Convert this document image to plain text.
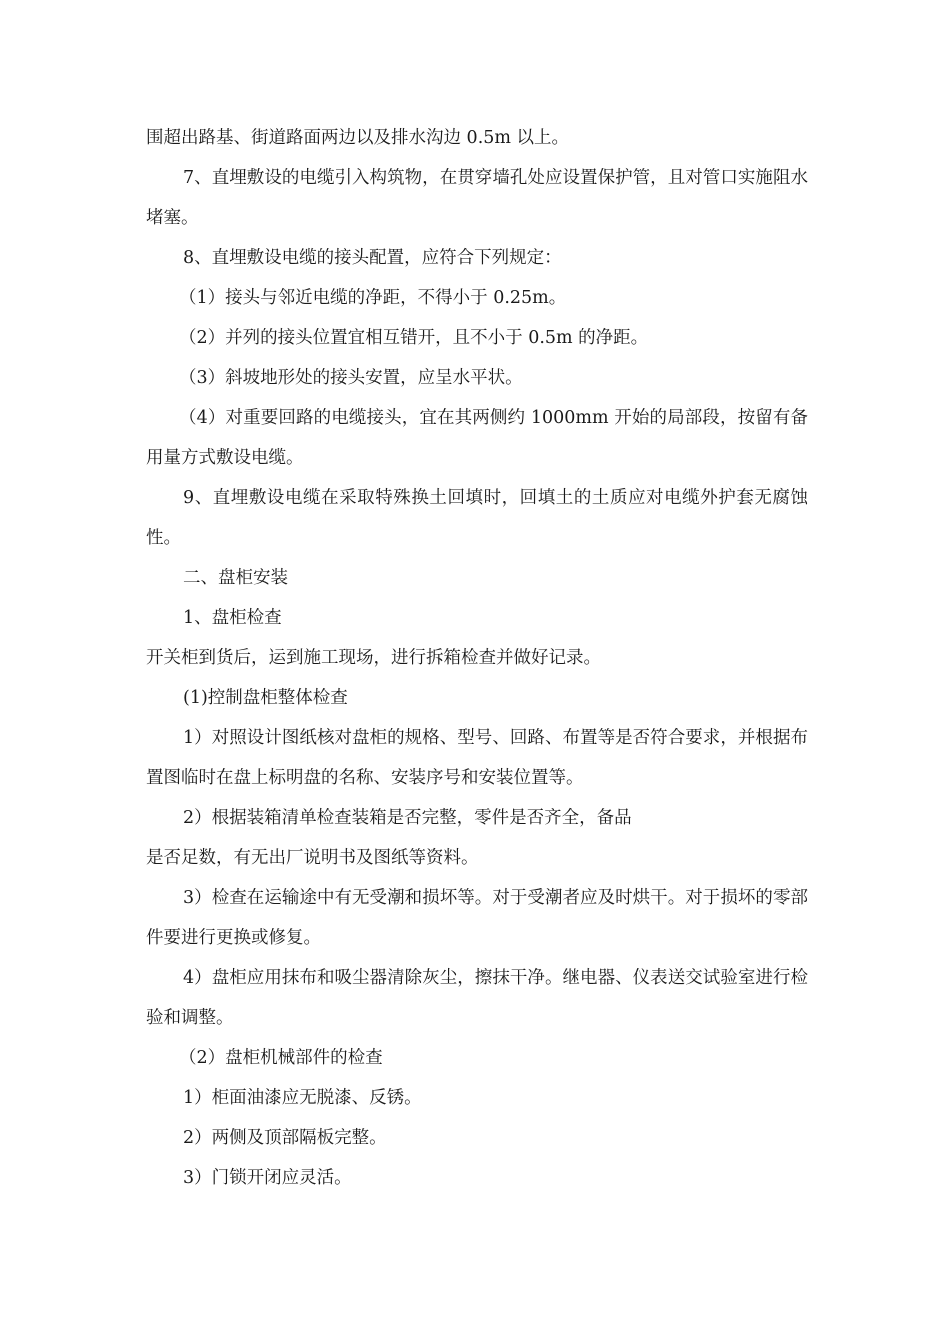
围超出路基、街道路面两边以及排水沟边 0.5m 以上。

7、直埋敷设的电缆引入构筑物，在贯穿墙孔处应设置保护管，且对管口实施阻水堵塞。

8、直埋敷设电缆的接头配置，应符合下列规定：

（1）接头与邻近电缆的净距，不得小于 0.25m。

（2）并列的接头位置宜相互错开，且不小于 0.5m 的净距。

（3）斜坡地形处的接头安置，应呈水平状。

（4）对重要回路的电缆接头，宜在其两侧约 1000mm 开始的局部段，按留有备用量方式敷设电缆。

9、直埋敷设电缆在采取特殊换土回填时，回填土的土质应对电缆外护套无腐蚀性。

二、盘柜安装

1、盘柜检查

开关柜到货后，运到施工现场，进行拆箱检查并做好记录。

(1)控制盘柜整体检查

1）对照设计图纸核对盘柜的规格、型号、回路、布置等是否符合要求，并根据布置图临时在盘上标明盘的名称、安装序号和安装位置等。

2）根据装箱清单检查装箱是否完整，零件是否齐全，备品

是否足数，有无出厂说明书及图纸等资料。

3）检查在运输途中有无受潮和损坏等。对于受潮者应及时烘干。对于损坏的零部件要进行更换或修复。

4）盘柜应用抹布和吸尘器清除灰尘，擦抹干净。继电器、仪表送交试验室进行检验和调整。

（2）盘柜机械部件的检查

1）柜面油漆应无脱漆、反锈。

2）两侧及顶部隔板完整。

3）门锁开闭应灵活。
